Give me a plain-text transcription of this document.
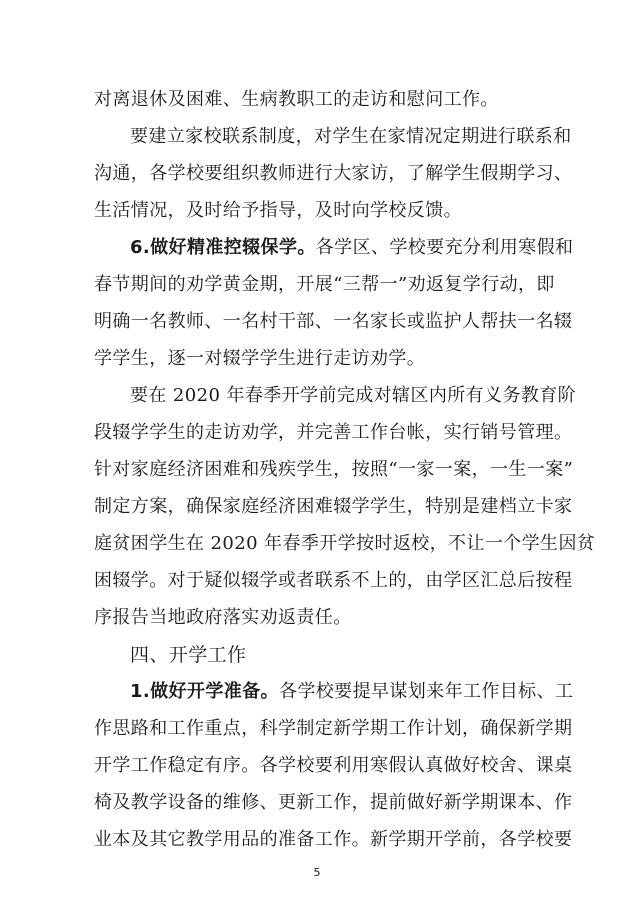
对离退休及困难、生病教职工的走访和慰问工作。
要建立家校联系制度，对学生在家情况定期进行联系和
沟通，各学校要组织教师进行大家访，了解学生假期学习、
生活情况，及时给予指导，及时向学校反馈。
6.做好精准控辍保学。各学区、学校要充分利用寒假和
春节期间的劝学黄金期，开展“三帮一”劝返复学行动，即
明确一名教师、一名村干部、一名家长或监护人帮扶一名辍
学学生，逐一对辍学学生进行走访劝学。
要在 2020 年春季开学前完成对辖区内所有义务教育阶
段辍学学生的走访劝学，并完善工作台帐，实行销号管理。
针对家庭经济困难和残疾学生，按照“一家一案，一生一案”
制定方案，确保家庭经济困难辍学学生，特别是建档立卡家
庭贫困学生在 2020 年春季开学按时返校，不让一个学生因贫
困辍学。对于疑似辍学或者联系不上的，由学区汇总后按程
序报告当地政府落实劝返责任。
四、开学工作
1.做好开学准备。各学校要提早谋划来年工作目标、工
作思路和工作重点，科学制定新学期工作计划，确保新学期
开学工作稳定有序。各学校要利用寒假认真做好校舍、课桌
椅及教学设备的维修、更新工作，提前做好新学期课本、作
5
业本及其它教学用品的准备工作。新学期开学前，各学校要
